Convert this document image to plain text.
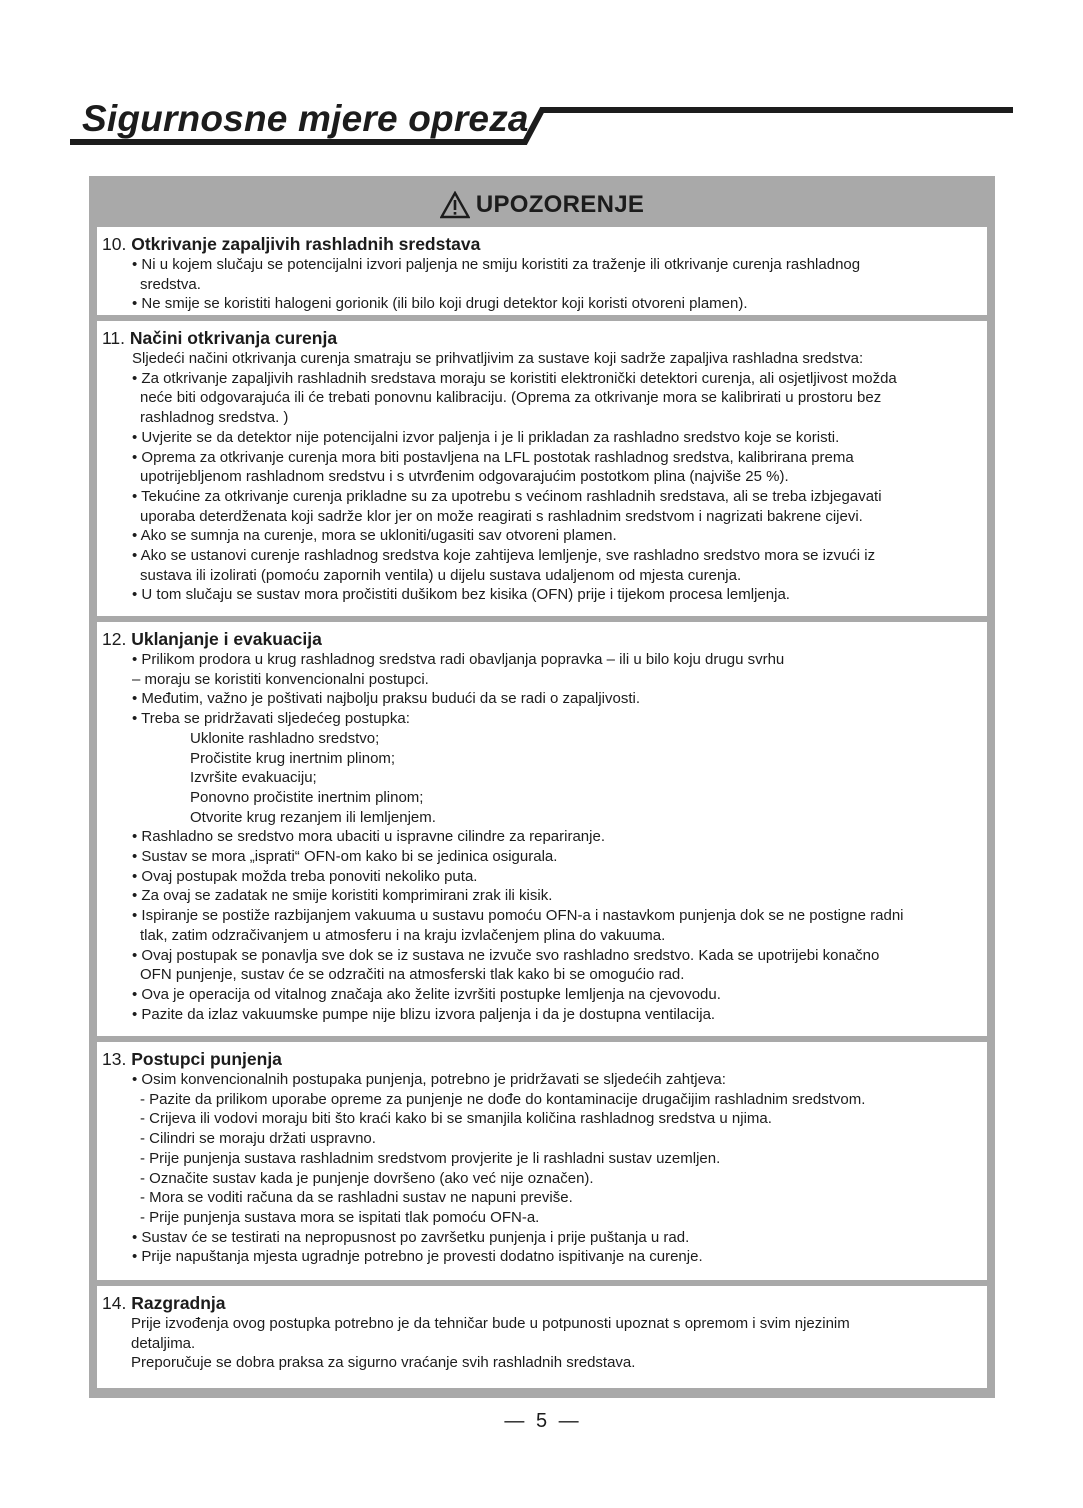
Sigurnosne mjere opreza
UPOZORENJE
10. Otkrivanje zapaljivih rashladnih sredstava
• Ni u kojem slučaju se potencijalni izvori paljenja ne smiju koristiti za traženje ili otkrivanje curenja rashladnog
sredstva.
• Ne smije se koristiti halogeni gorionik (ili bilo koji drugi detektor koji koristi otvoreni plamen).
11. Načini otkrivanja curenja
Sljedeći načini otkrivanja curenja smatraju se prihvatljivim za sustave koji sadrže zapaljiva rashladna sredstva:
• Za otkrivanje zapaljivih rashladnih sredstava moraju se koristiti elektronički detektori curenja, ali osjetljivost možda
neće biti odgovarajuća ili će trebati ponovnu kalibraciju. (Oprema za otkrivanje mora se kalibrirati u prostoru bez
rashladnog sredstva. )
• Uvjerite se da detektor nije potencijalni izvor paljenja i je li prikladan za rashladno sredstvo koje se koristi.
• Oprema za otkrivanje curenja mora biti postavljena na LFL postotak rashladnog sredstva, kalibrirana prema
upotrijebljenom rashladnom sredstvu i s utvrđenim odgovarajućim postotkom plina (najviše 25 %).
• Tekućine za otkrivanje curenja prikladne su za upotrebu s većinom rashladnih sredstava, ali se treba izbjegavati
uporaba deterdženata koji sadrže klor jer on može reagirati s rashladnim sredstvom i nagrizati bakrene cijevi.
• Ako se sumnja na curenje, mora se ukloniti/ugasiti sav otvoreni plamen.
• Ako se ustanovi curenje rashladnog sredstva koje zahtijeva lemljenje, sve rashladno sredstvo mora se izvući iz
sustava ili izolirati (pomoću zapornih ventila) u dijelu sustava udaljenom od mjesta curenja.
• U tom slučaju se sustav mora pročistiti dušikom bez kisika (OFN) prije i tijekom procesa lemljenja.
12. Uklanjanje i evakuacija
• Prilikom prodora u krug rashladnog sredstva radi obavljanja popravka – ili u bilo koju drugu svrhu
– moraju se koristiti konvencionalni postupci.
• Međutim, važno je poštivati najbolju praksu budući da se radi o zapaljivosti.
• Treba se pridržavati sljedećeg postupka:
Uklonite rashladno sredstvo;
Pročistite krug inertnim plinom;
Izvršite evakuaciju;
Ponovno pročistite inertnim plinom;
Otvorite krug rezanjem ili lemljenjem.
• Rashladno se sredstvo mora ubaciti u ispravne cilindre za repariranje.
• Sustav se mora „isprati“ OFN-om kako bi se jedinica osigurala.
• Ovaj postupak možda treba ponoviti nekoliko puta.
• Za ovaj se zadatak ne smije koristiti komprimirani zrak ili kisik.
• Ispiranje se postiže razbijanjem vakuuma u sustavu pomoću OFN-a i nastavkom punjenja dok se ne postigne radni
tlak, zatim odzračivanjem u atmosferu i na kraju izvlačenjem plina do vakuuma.
• Ovaj postupak se ponavlja sve dok se iz sustava ne izvuče svo rashladno sredstvo. Kada se upotrijebi konačno
OFN punjenje, sustav će se odzračiti na atmosferski tlak kako bi se omogućio rad.
• Ova je operacija od vitalnog značaja ako želite izvršiti postupke lemljenja na cjevovodu.
• Pazite da izlaz vakuumske pumpe nije blizu izvora paljenja i da je dostupna ventilacija.
13. Postupci punjenja
• Osim konvencionalnih postupaka punjenja, potrebno je pridržavati se sljedećih zahtjeva:
- Pazite da prilikom uporabe opreme za punjenje ne dođe do kontaminacije drugačijim rashladnim sredstvom.
- Crijeva ili vodovi moraju biti što kraći kako bi se smanjila količina rashladnog sredstva u njima.
- Cilindri se moraju držati uspravno.
- Prije punjenja sustava rashladnim sredstvom provjerite je li rashladni sustav uzemljen.
- Označite sustav kada je punjenje dovršeno (ako već nije označen).
- Mora se voditi računa da se rashladni sustav ne napuni previše.
- Prije punjenja sustava mora se ispitati tlak pomoću OFN-a.
• Sustav će se testirati na nepropusnost po završetku punjenja i prije puštanja u rad.
• Prije napuštanja mjesta ugradnje potrebno je provesti dodatno ispitivanje na curenje.
14. Razgradnja
Prije izvođenja ovog postupka potrebno je da tehničar bude u potpunosti upoznat s opremom i svim njezinim
detaljima.
Preporučuje se dobra praksa za sigurno vraćanje svih rashladnih sredstava.
— 5 —
